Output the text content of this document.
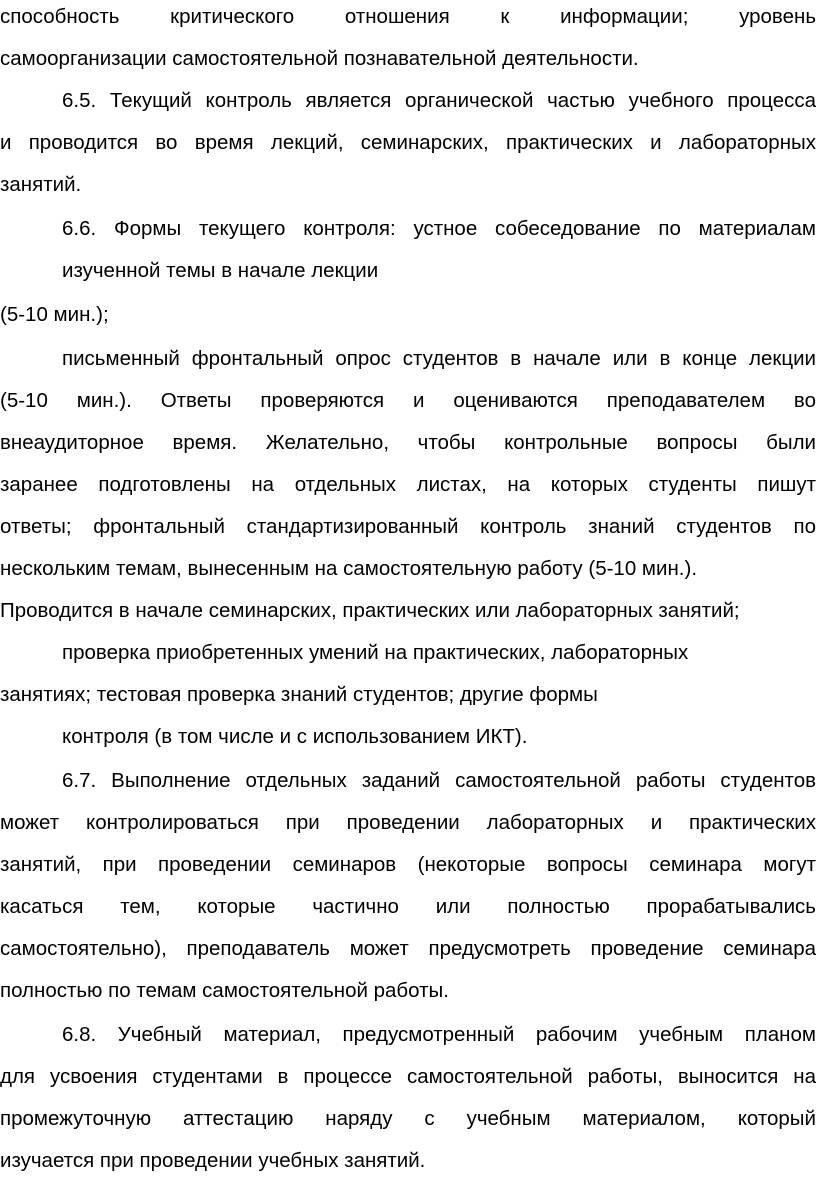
способность критического отношения к информации; уровень
самоорганизации самостоятельной познавательной деятельности.
6.5. Текущий контроль является органической частью учебного процесса
и проводится во время лекций, семинарских, практических и лабораторных
занятий.
6.6. Формы текущего контроля: устное собеседование по материалам
изученной темы в начале лекции
(5-10 мин.);
письменный фронтальный опрос студентов в начале или в конце лекции
(5-10 мин.). Ответы проверяются и оцениваются преподавателем во
внеаудиторное время. Желательно, чтобы контрольные вопросы были
заранее подготовлены на отдельных листах, на которых студенты пишут
ответы; фронтальный стандартизированный контроль знаний студентов по
нескольким темам, вынесенным на самостоятельную работу (5-10 мин.).
Проводится в начале семинарских, практических или лабораторных занятий;
проверка приобретенных умений на практических, лабораторных
занятиях; тестовая проверка знаний студентов; другие формы
контроля (в том числе и с использованием ИКТ).
6.7. Выполнение отдельных заданий самостоятельной работы студентов
может контролироваться при проведении лабораторных и практических
занятий, при проведении семинаров (некоторые вопросы семинара могут
касаться тем, которые частично или полностью прорабатывались
самостоятельно), преподаватель может предусмотреть проведение семинара
полностью по темам самостоятельной работы.
6.8. Учебный материал, предусмотренный рабочим учебным планом
для усвоения студентами в процессе самостоятельной работы, выносится на
промежуточную аттестацию наряду с учебным материалом, который
изучается при проведении учебных занятий.
